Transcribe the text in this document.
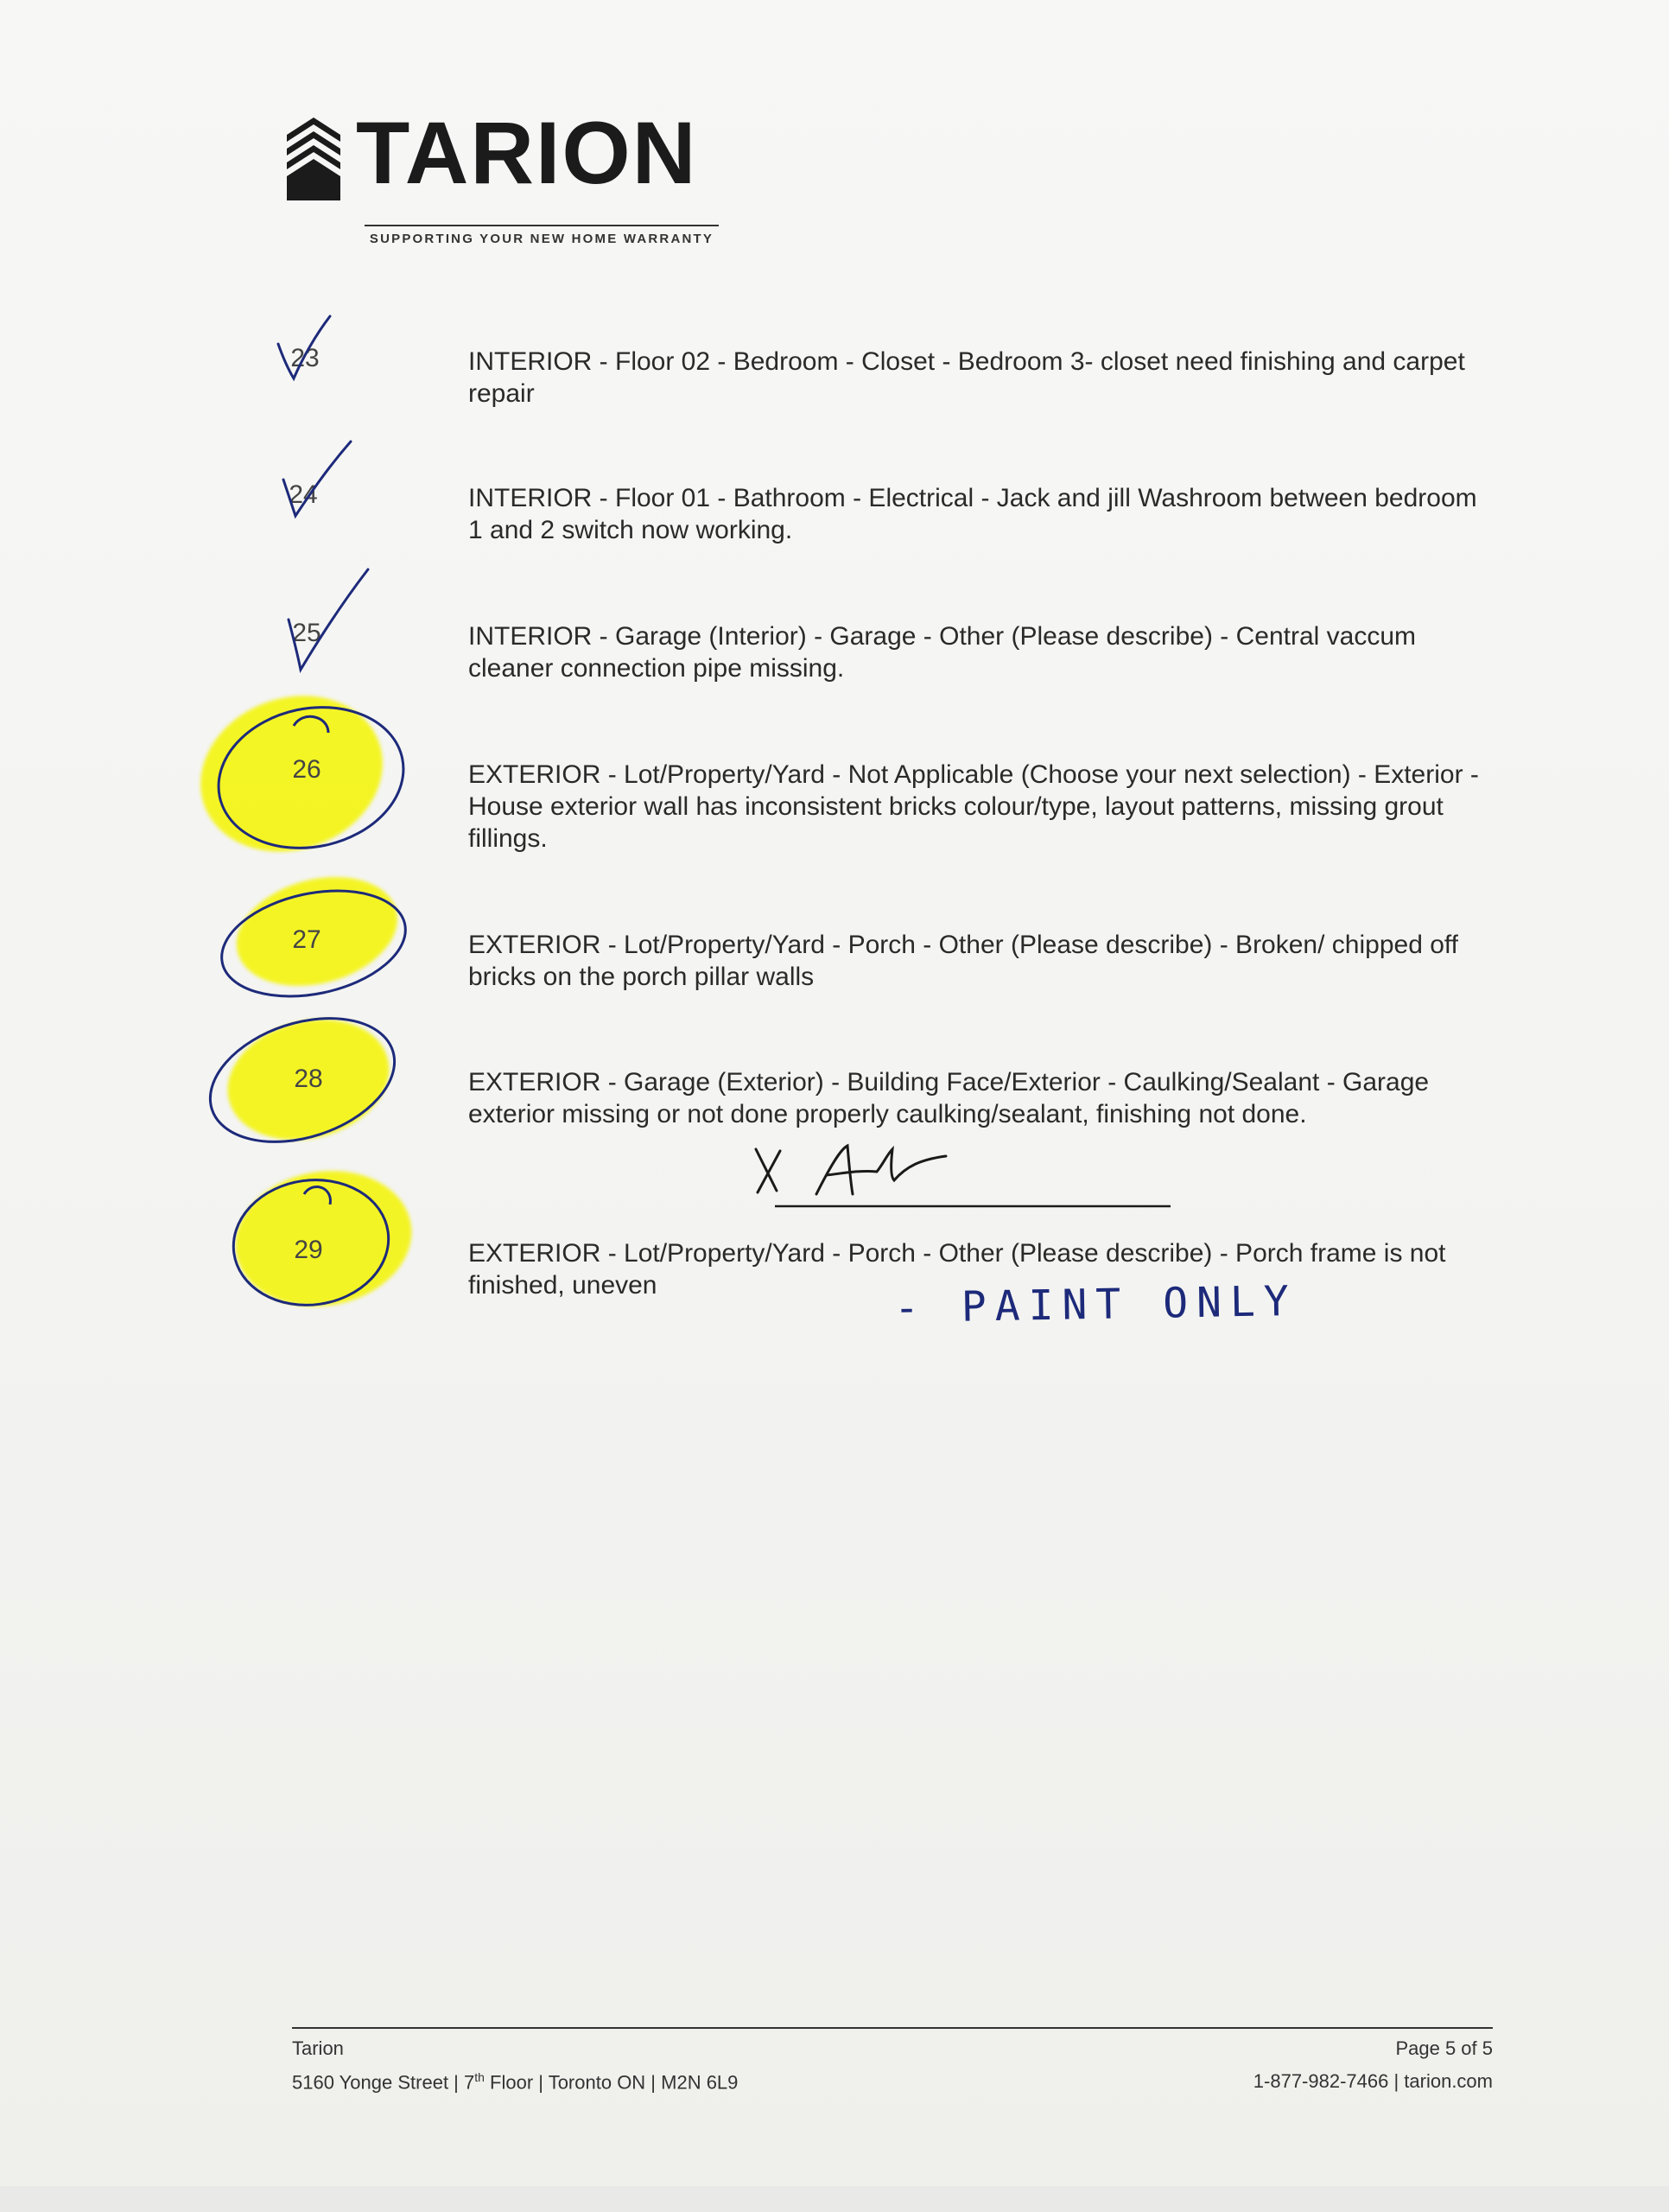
TARION
SUPPORTING YOUR NEW HOME WARRANTY
23	INTERIOR - Floor 02 - Bedroom - Closet - Bedroom 3- closet need finishing and carpet repair
24	INTERIOR - Floor 01 - Bathroom - Electrical - Jack and jill Washroom between bedroom 1 and 2 switch now working.
25	INTERIOR - Garage (Interior) - Garage - Other (Please describe) - Central vaccum cleaner connection pipe missing.
26	EXTERIOR - Lot/Property/Yard - Not Applicable (Choose your next selection) - Exterior - House exterior wall has inconsistent bricks colour/type, layout patterns, missing grout fillings.
27	EXTERIOR - Lot/Property/Yard - Porch - Other (Please describe) - Broken/ chipped off bricks on the porch pillar walls
28	EXTERIOR - Garage (Exterior) - Building Face/Exterior - Caulking/Sealant - Garage exterior missing or not done properly caulking/sealant, finishing not done.
29	EXTERIOR - Lot/Property/Yard - Porch - Other (Please describe) - Porch frame is not finished, uneven	- PAINT ONLY
Tarion
5160 Yonge Street | 7th Floor | Toronto ON | M2N 6L9
Page 5 of 5
1-877-982-7466 | tarion.com
